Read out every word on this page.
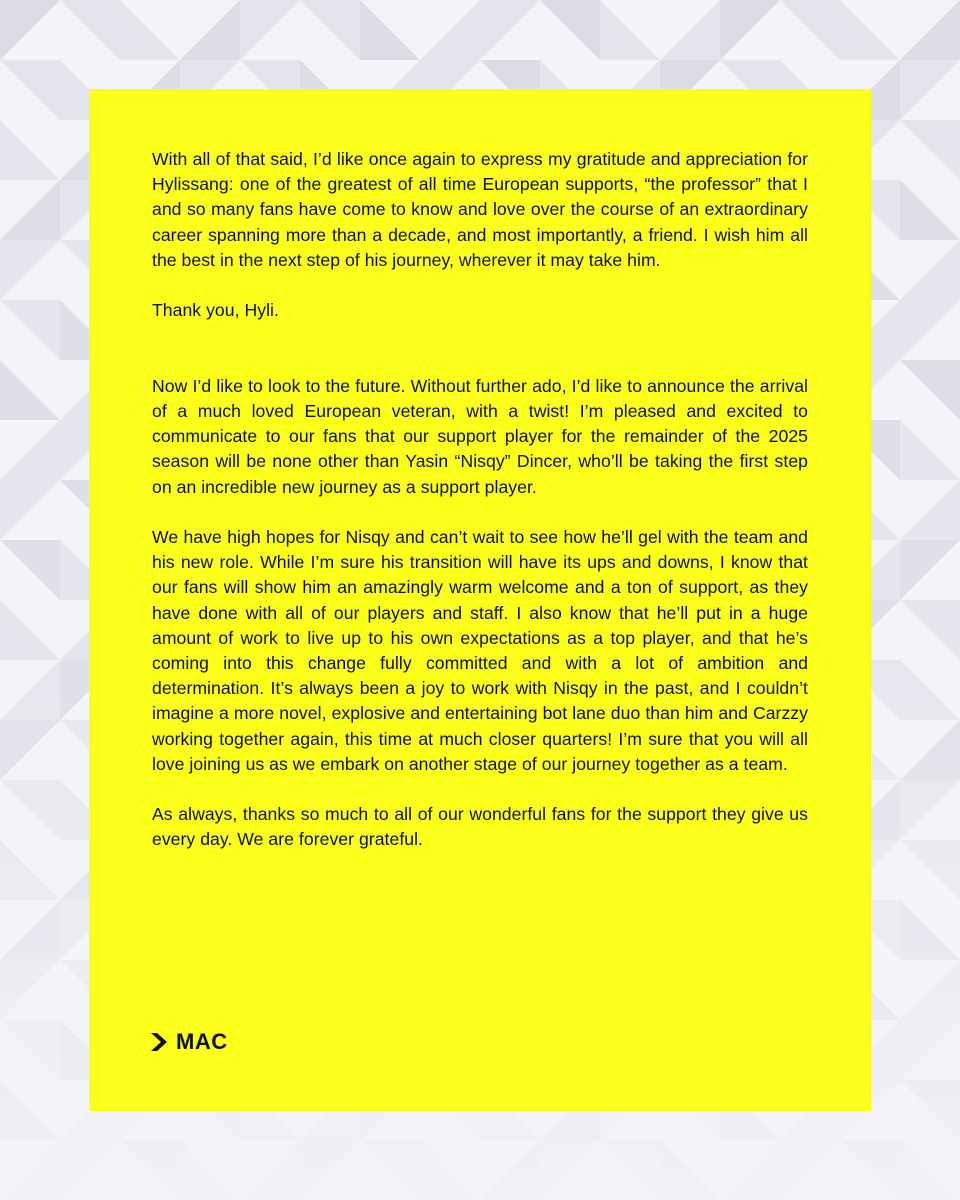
With all of that said, I’d like once again to express my gratitude and appreciation for Hylissang: one of the greatest of all time European supports, “the professor” that I and so many fans have come to know and love over the course of an extraordinary career spanning more than a decade, and most importantly, a friend. I wish him all the best in the next step of his journey, wherever it may take him.

Thank you, Hyli.

Now I’d like to look to the future. Without further ado, I’d like to announce the arrival of a much loved European veteran, with a twist! I’m pleased and excited to communicate to our fans that our support player for the remainder of the 2025 season will be none other than Yasin “Nisqy” Dincer, who’ll be taking the first step on an incredible new journey as a support player.

We have high hopes for Nisqy and can’t wait to see how he’ll gel with the team and his new role. While I’m sure his transition will have its ups and downs, I know that our fans will show him an amazingly warm welcome and a ton of support, as they have done with all of our players and staff. I also know that he’ll put in a huge amount of work to live up to his own expectations as a top player, and that he’s coming into this change fully committed and with a lot of ambition and determination. It’s always been a joy to work with Nisqy in the past, and I couldn’t imagine a more novel, explosive and entertaining bot lane duo than him and Carzzy working together again, this time at much closer quarters! I’m sure that you will all love joining us as we embark on another stage of our journey together as a team.

As always, thanks so much to all of our wonderful fans for the support they give us every day. We are forever grateful.

MAC
